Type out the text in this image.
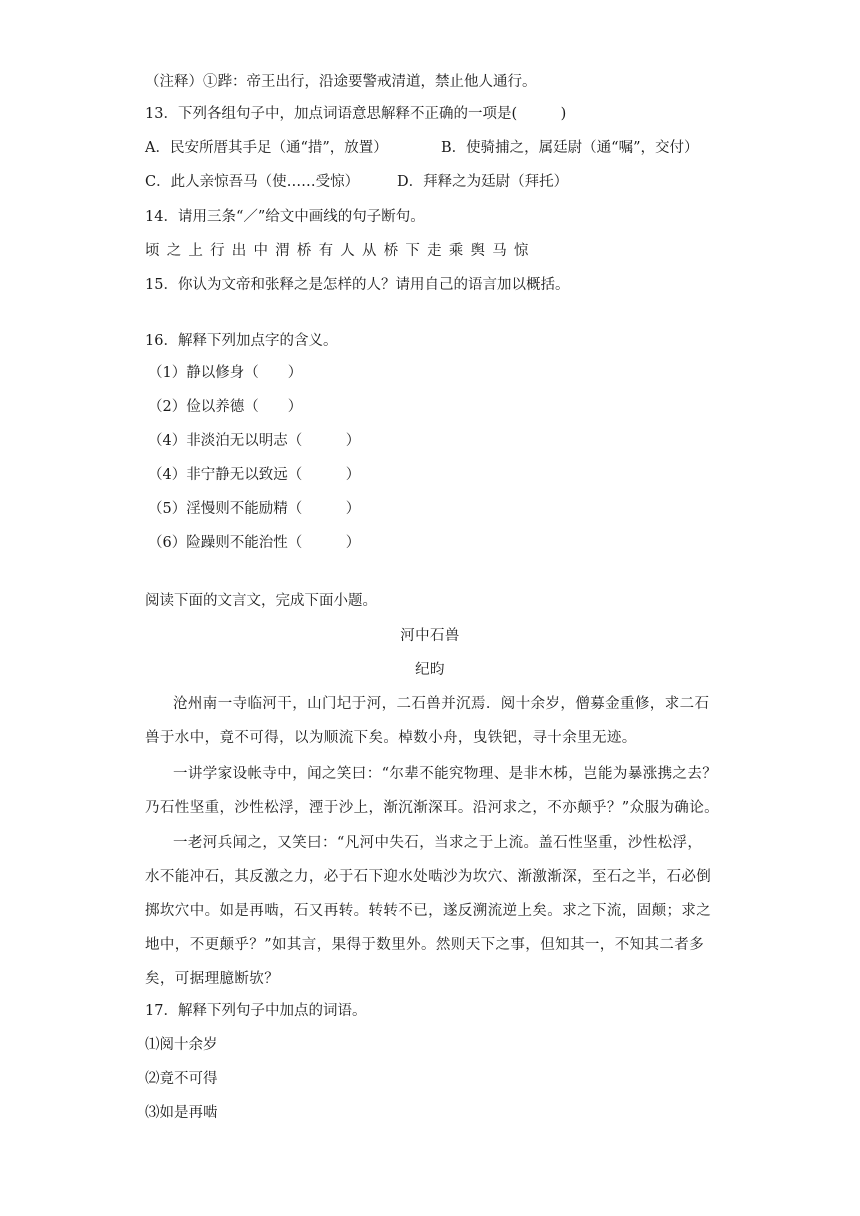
（注释）①跸：帝王出行，沿途要警戒清道，禁止他人通行。
13．下列各组句子中，加点词语意思解释不正确的一项是(　　　)
A．民安所厝其手足（通“措”，放置）	B．使骑捕之，属廷尉（通“嘱”，交付）
C．此人亲惊吾马（使……受惊）	D．拜释之为廷尉（拜托）
14．请用三条“／”给文中画线的句子断句。
顷之上行出中渭桥有人从桥下走乘舆马惊
15．你认为文帝和张释之是怎样的人？请用自己的语言加以概括。
16．解释下列加点字的含义。
（1）静以修身（　　）
（2）俭以养德（　　）
（4）非淡泊无以明志（　　　）
（4）非宁静无以致远（　　　）
（5）淫慢则不能励精（　　　）
（6）险躁则不能治性（　　　）
阅读下面的文言文，完成下面小题。
河中石兽
纪昀
沧州南一寺临河干，山门圮于河，二石兽并沉焉．阅十余岁，僧募金重修，求二石
兽于水中，竟不可得，以为顺流下矣。棹数小舟，曳铁钯，寻十余里无迹。
一讲学家设帐寺中，闻之笑曰：“尔辈不能究物理、是非木柹，岂能为暴涨携之去？
乃石性坚重，沙性松浮，湮于沙上，渐沉渐深耳。沿河求之，不亦颠乎？”众服为确论。
一老河兵闻之，又笑曰：“凡河中失石，当求之于上流。盖石性坚重，沙性松浮，
水不能冲石，其反激之力，必于石下迎水处啮沙为坎穴、渐激渐深，至石之半，石必倒
掷坎穴中。如是再啮，石又再转。转转不已，遂反溯流逆上矣。求之下流，固颠；求之
地中，不更颠乎？”如其言，果得于数里外。然则天下之事，但知其一，不知其二者多
矣，可据理臆断欤？
17．解释下列句子中加点的词语。
⑴阅十余岁
⑵竟不可得
⑶如是再啮
